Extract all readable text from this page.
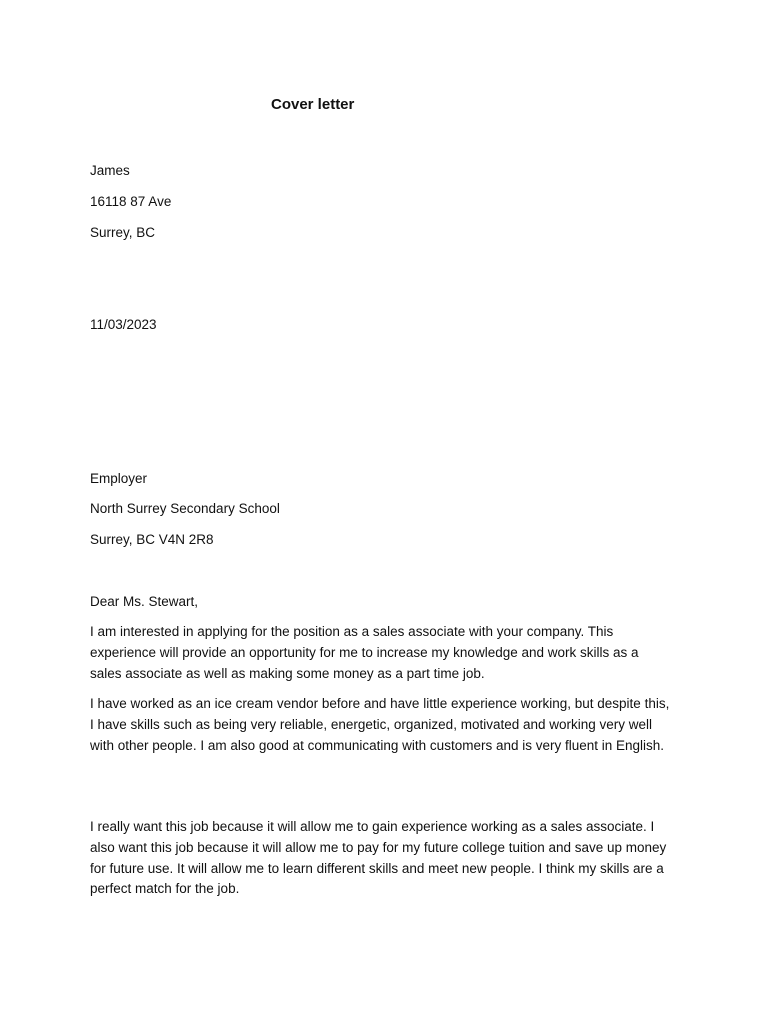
Cover letter
James
16118 87 Ave
Surrey, BC
11/03/2023
Employer
North Surrey Secondary School
Surrey, BC V4N 2R8
Dear Ms. Stewart,

I am interested in applying for the position as a sales associate with your company. This experience will provide an opportunity for me to increase my knowledge and work skills as a sales associate as well as making some money as a part time job.

I have worked as an ice cream vendor before and have little experience working, but despite this, I have skills such as being very reliable, energetic, organized, motivated and working very well with other people. I am also good at communicating with customers and is very fluent in English.

I really want this job because it will allow me to gain experience working as a sales associate. I also want this job because it will allow me to pay for my future college tuition and save up money for future use. It will allow me to learn different skills and meet new people. I think my skills are a perfect match for the job.
